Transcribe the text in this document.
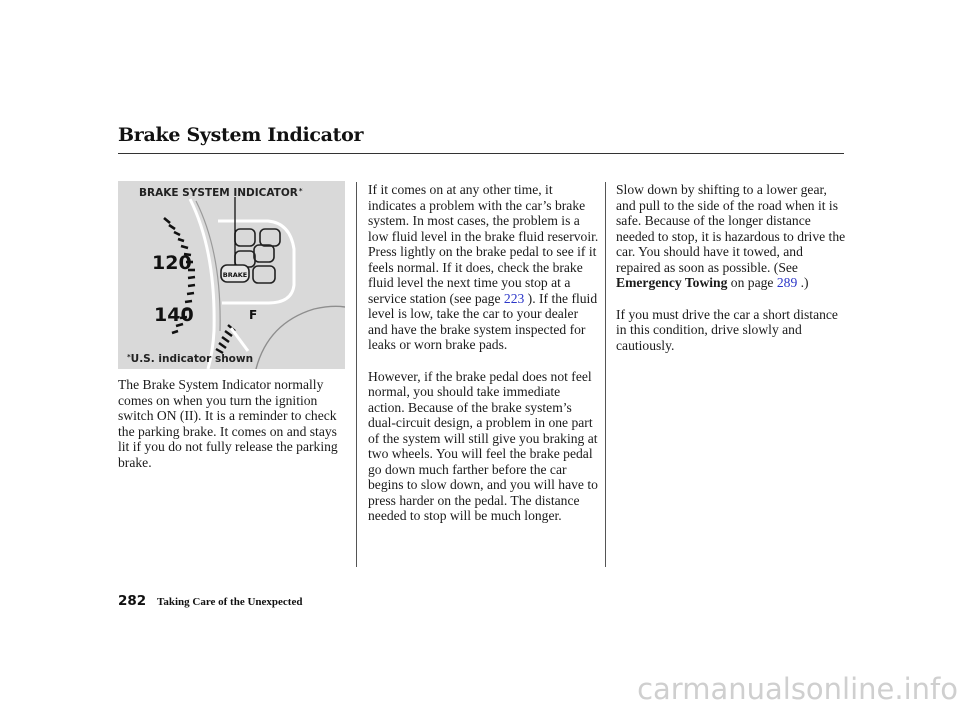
Brake System Indicator
BRAKE
120
140	F
BRAKE SYSTEM INDICATOR*
*U.S. indicator shown

The Brake System Indicator normally comes on when you turn the ignition switch ON (II). It is a reminder to check the parking brake. It comes on and stays lit if you do not fully release the parking brake.

If it comes on at any other time, it indicates a problem with the car’s brake system. In most cases, the problem is a low fluid level in the brake fluid reservoir. Press lightly on the brake pedal to see if it feels normal. If it does, check the brake fluid level the next time you stop at a service station (see page 223 ). If the fluid level is low, take the car to your dealer and have the brake system inspected for leaks or worn brake pads.

However, if the brake pedal does not feel normal, you should take immediate action. Because of the brake system’s dual-circuit design, a problem in one part of the system will still give you braking at two wheels. You will feel the brake pedal go down much farther before the car begins to slow down, and you will have to press harder on the pedal. The distance needed to stop will be much longer.

Slow down by shifting to a lower gear, and pull to the side of the road when it is safe. Because of the longer distance needed to stop, it is hazardous to drive the car. You should have it towed, and repaired as soon as possible. (See Emergency Towing on page 289 .)

If you must drive the car a short distance in this condition, drive slowly and cautiously.

282 Taking Care of the Unexpected
carmanualsonline.info
